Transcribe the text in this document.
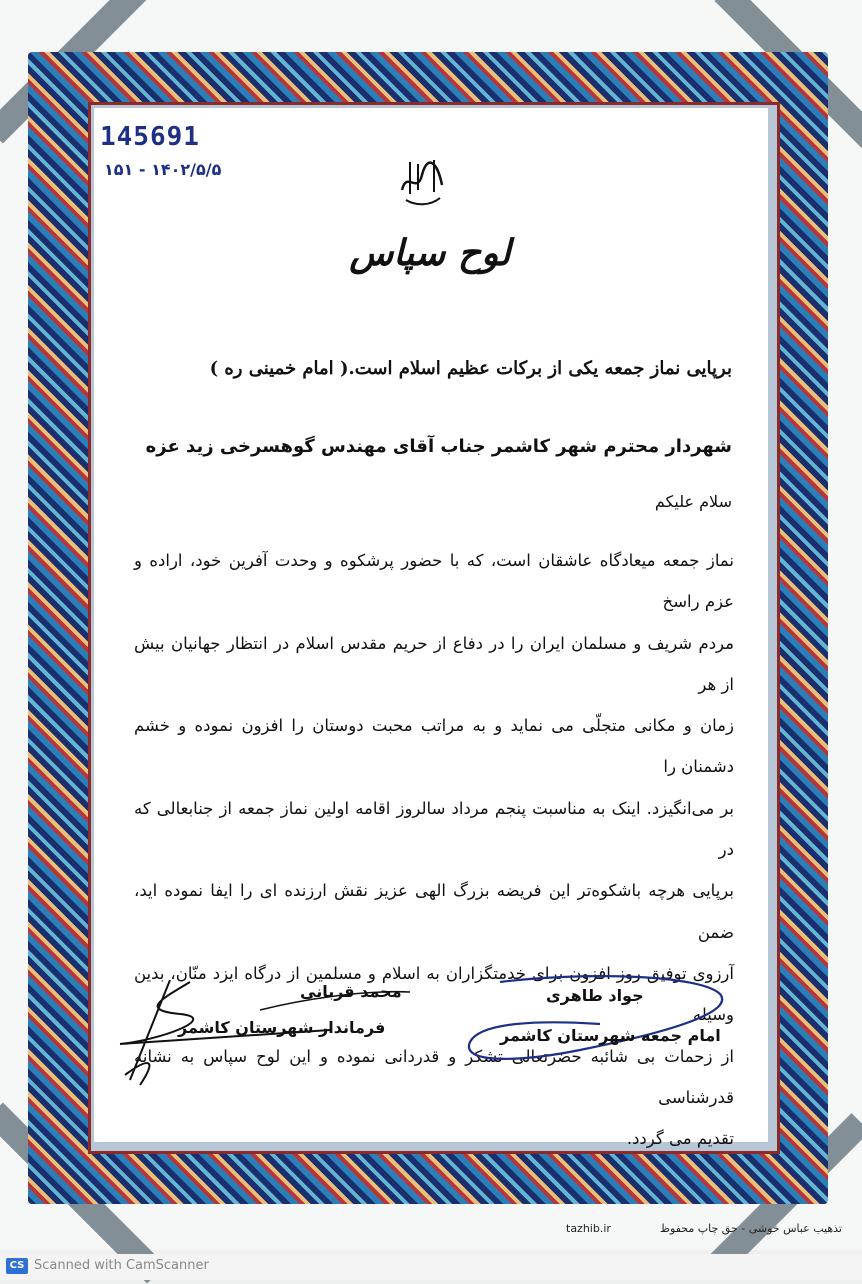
145691
۱۴۰۲/۵/۵ - ۱۵۱
لوح سپاس
برپایی نماز جمعه یکی از برکات عظیم اسلام است.( امام خمینی ره )
شهردار محترم شهر کاشمر جناب آقای مهندس گوهسرخی زید عزه
سلام علیکم

نماز جمعه میعادگاه عاشقان است، که با حضور پرشکوه و وحدت آفرین خود، اراده و عزم راسخ

مردم شریف و مسلمان ایران را در دفاع از حریم مقدس اسلام در انتظار جهانیان بیش از هر

زمان و مکانی متجلّی می نماید و به مراتب محبت دوستان را افزون نموده و خشم دشمنان را

بر می‌انگیزد. اینک به مناسبت پنجم مرداد سالروز اقامه اولین نماز جمعه از جنابعالی که در

برپایی هرچه باشکوه‌تر این فریضه بزرگ الهی عزیز نقش ارزنده ای را ایفا نموده اید، ضمن

آرزوی توفیق روز افزون برای خدمتگزاران به اسلام و مسلمین از درگاه ایزد منّان، بدین وسیله

از زحمات بی شائبه حضرتعالی تشکر و قدردانی نموده و این لوح سپاس به نشانه قدرشناسی

تقدیم می گردد.

محمد قربانی
فرماندار شهرستان کاشمر
جواد طاهری
امام جمعه شهرستان کاشمر
tazhib.ir	تذهیب عباس خوشی - حق چاپ محفوظ
CS Scanned with CamScanner
